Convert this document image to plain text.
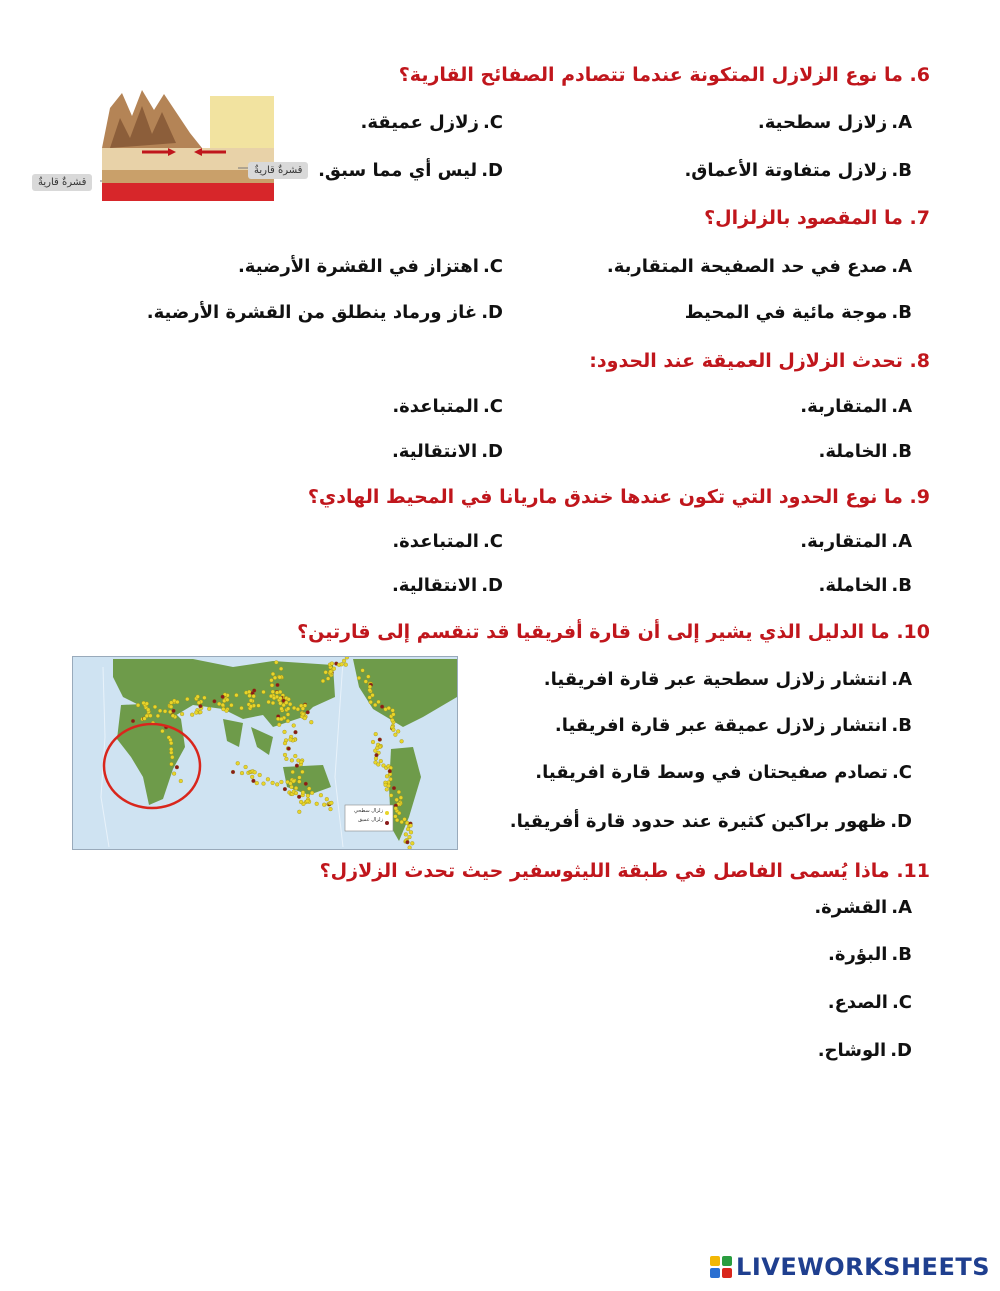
6. ما نوع الزلازل المتكونة عندما تتصادم الصفائح القارية؟
A.زلازل سطحية.
C.زلازل عميقة.
B.زلازل متفاوتة الأعماق.
D.ليس أي مما سبق.
قشرةٌ قاريةٌ
قشرةٌ قاريةٌ
7. ما المقصود بالزلزال؟
A.صدع في حد الصفيحة المتقاربة.
C.اهتزاز في القشرة الأرضية.
B.موجة مائية في المحيط
D.غاز ورماد ينطلق من القشرة الأرضية.
8. تحدث الزلازل العميقة عند الحدود:
A.المتقاربة.
C.المتباعدة.
B.الخاملة.
D.الانتقالية.
9. ما نوع الحدود التي تكون عندها خندق ماريانا في المحيط الهادي؟
A.المتقاربة.
C.المتباعدة.
B.الخاملة.
D.الانتقالية.
10. ما الدليل الذي يشير إلى أن قارة أفريقيا قد تنقسم إلى قارتين؟
A.انتشار زلازل سطحية عبر قارة افريقيا.
B.انتشار زلازل عميقة عبر قارة افريقيا.
C.تصادم صفيحتان في وسط قارة افريقيا.
D.ظهور براكين كثيرة عند حدود قارة أفريقيا.
زلزال سطحي
زلزال عميق
11. ماذا يُسمى الفاصل في طبقة الليثوسفير حيث تحدث الزلازل؟
A.القشرة.
B.البؤرة.
C.الصدع.
D.الوشاح.
LIVEWORKSHEETS
